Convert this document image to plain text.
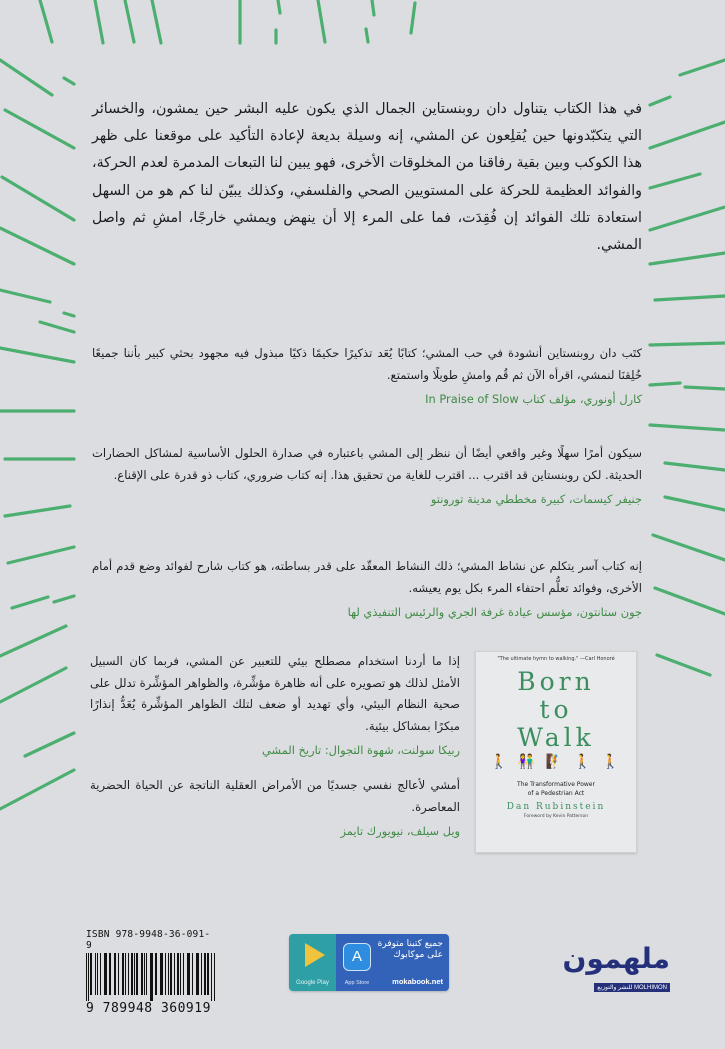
في هذا الكتاب يتناول دان روبنستاين الجمال الذي يكون عليه البشر حين يمشون، والخسائر التي يتكبّدونها حين يُقلِعون عن المشي، إنه وسيلة بديعة لإعادة التأكيد على موقعنا على ظهر هذا الكوكب وبين بقية رفاقنا من المخلوقات الأخرى، فهو يبين لنا التبعات المدمرة لعدم الحركة، والفوائد العظيمة للحركة على المستويين الصحي والفلسفي، وكذلك يبيّن لنا كم هو من السهل استعادة تلك الفوائد إن فُقِدَت، فما على المرء إلا أن ينهض ويمشي خارجًا، امشِ ثم واصل المشي.
كتَب دان روبنستاين أنشودة في حب المشي؛ كتابًا يُعَد تذكيرًا حكيمًا ذكيًا مبذول فيه مجهود بحثي كبير بأننا جميعًا خُلِقنَا لنمشي، اقرأه الآن ثم قُم وامشِ طويلًا واستمتع.
كارل أونوري، مؤلف كتاب In Praise of Slow
سيكون أمرًا سهلًا وغير واقعي أيضًا أن ننظر إلى المشي باعتباره في صدارة الحلول الأساسية لمشاكل الحضارات الحديثة. لكن روبنستاين قد اقترب ... اقترب للغاية من تحقيق هذا. إنه كتاب ضروري، كتاب ذو قدرة على الإقناع.
جنيفر كيسمات، كبيرة مخططي مدينة تورونتو
إنه كتاب آسر يتكلم عن نشاط المشي؛ ذلك النشاط المعقّد على قدر بساطته، هو كتاب شارح لفوائد وضع قدم أمام الأخرى، وفوائد تعلُّم احتفاء المرء بكل يوم يعيشه.
جون ستانتون، مؤسس عيادة غرفة الجري والرئيس التنفيذي لها
إذا ما أردنا استخدام مصطلح بيئي للتعبير عن المشي، فربما كان السبيل الأمثل لذلك هو تصويره على أنه ظاهرة مؤشِّرة، والظواهر المؤشِّرة تدلل على صحية النظام البيئي، وأي تهديد أو ضعف لتلك الظواهر المؤشِّرة يُعَدُّ إنذارًا مبكرًا بمشاكل بيئية.
ربيكا سولنت، شهوة التجوال: تاريخ المشي
أمشي لأعالج نفسي جسديًا من الأمراض العقلية الناتجة عن الحياة الحضرية المعاصرة.
ويل سيلف، نيويورك تايمز
"The ultimate hymn to walking." —Carl Honoré
Born
to
Walk
🚶 👫 🧗 🚶 🚶
The Transformative Power
of a Pedestrian Act
Dan Rubinstein
Foreword by Kevin Patterson
ISBN 978-9948-36-091-9
9 789948 360919
Google Play
A
App Store
جميع كتبنا متوفرة على موكابوك
mokabook.net
ملهمون
للنشر والتوزيع MOLHIMON
